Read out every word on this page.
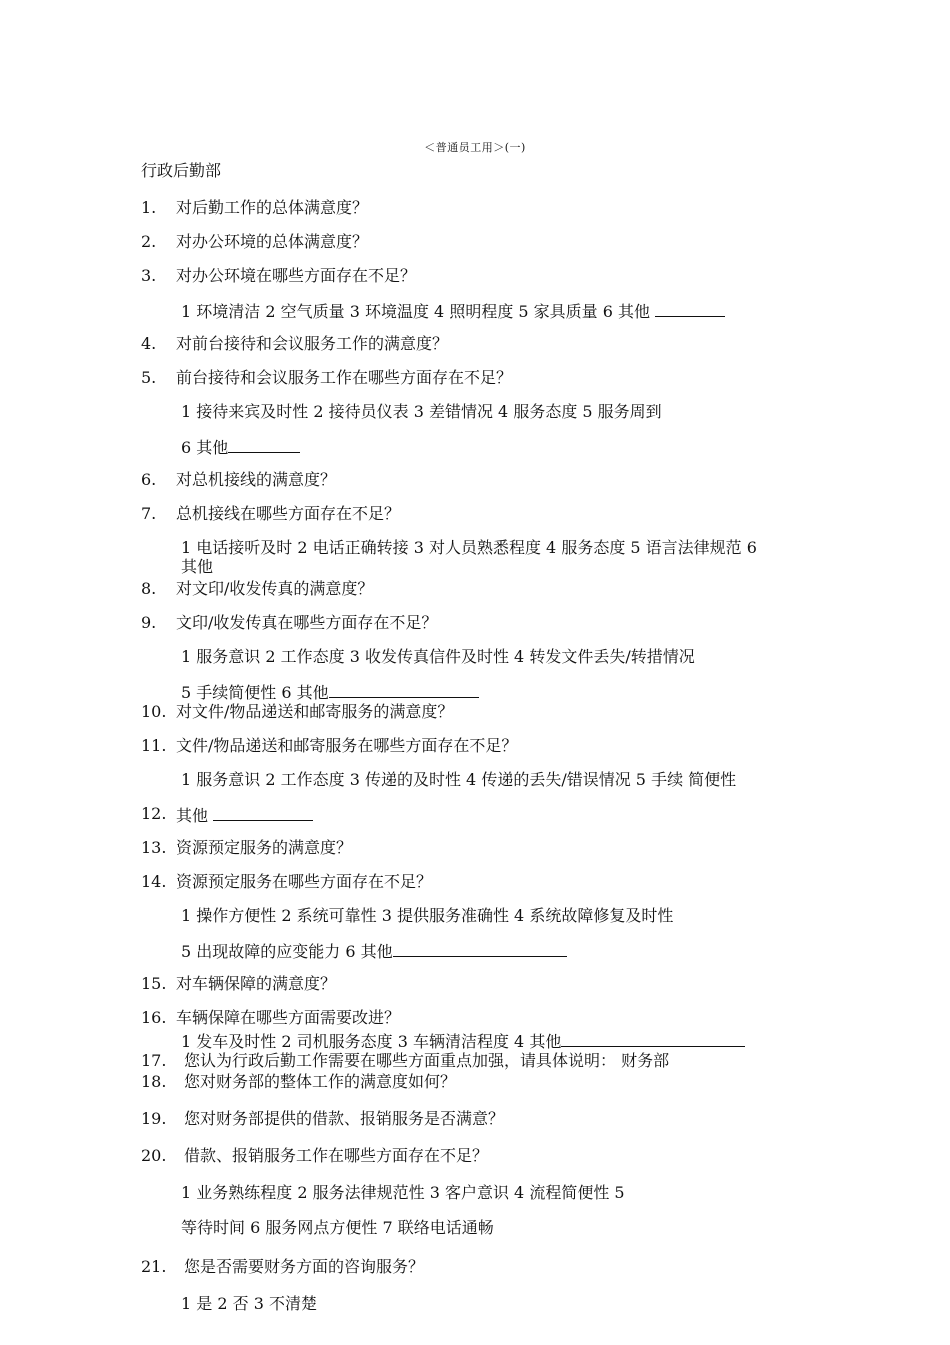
＜普通员工用＞(一)
行政后勤部
1. 对后勤工作的总体满意度？
2. 对办公环境的总体满意度？
3. 对办公环境在哪些方面存在不足？
1 环境清洁 2 空气质量 3 环境温度 4 照明程度 5 家具质量 6 其他
4. 对前台接待和会议服务工作的满意度？
5. 前台接待和会议服务工作在哪些方面存在不足？
1 接待来宾及时性 2 接待员仪表 3 差错情况 4 服务态度 5 服务周到
6 其他
6. 对总机接线的满意度？
7. 总机接线在哪些方面存在不足？
1 电话接听及时 2 电话正确转接 3 对人员熟悉程度 4 服务态度 5 语言法律规范 6
其他
8. 对文印/收发传真的满意度？
9. 文印/收发传真在哪些方面存在不足？
1 服务意识 2 工作态度 3 收发传真信件及时性 4 转发文件丢失/转措情况
5 手续简便性 6 其他
10. 对文件/物品递送和邮寄服务的满意度？
11. 文件/物品递送和邮寄服务在哪些方面存在不足？
1 服务意识 2 工作态度 3 传递的及时性 4 传递的丢失/错误情况 5 手续 简便性
12. 其他
13. 资源预定服务的满意度？
14. 资源预定服务在哪些方面存在不足？
1 操作方便性 2 系统可靠性 3 提供服务准确性 4 系统故障修复及时性
5 出现故障的应变能力 6 其他
15. 对车辆保障的满意度？
16. 车辆保障在哪些方面需要改进？
1 发车及时性 2 司机服务态度 3 车辆清洁程度 4 其他
17. 您认为行政后勤工作需要在哪些方面重点加强，请具体说明： 财务部
18. 您对财务部的整体工作的满意度如何？
19. 您对财务部提供的借款、报销服务是否满意？
20. 借款、报销服务工作在哪些方面存在不足？
1 业务熟练程度 2 服务法律规范性 3 客户意识 4 流程简便性 5
等待时间 6 服务网点方便性 7 联络电话通畅
21. 您是否需要财务方面的咨询服务？
1 是 2 否 3 不清楚
